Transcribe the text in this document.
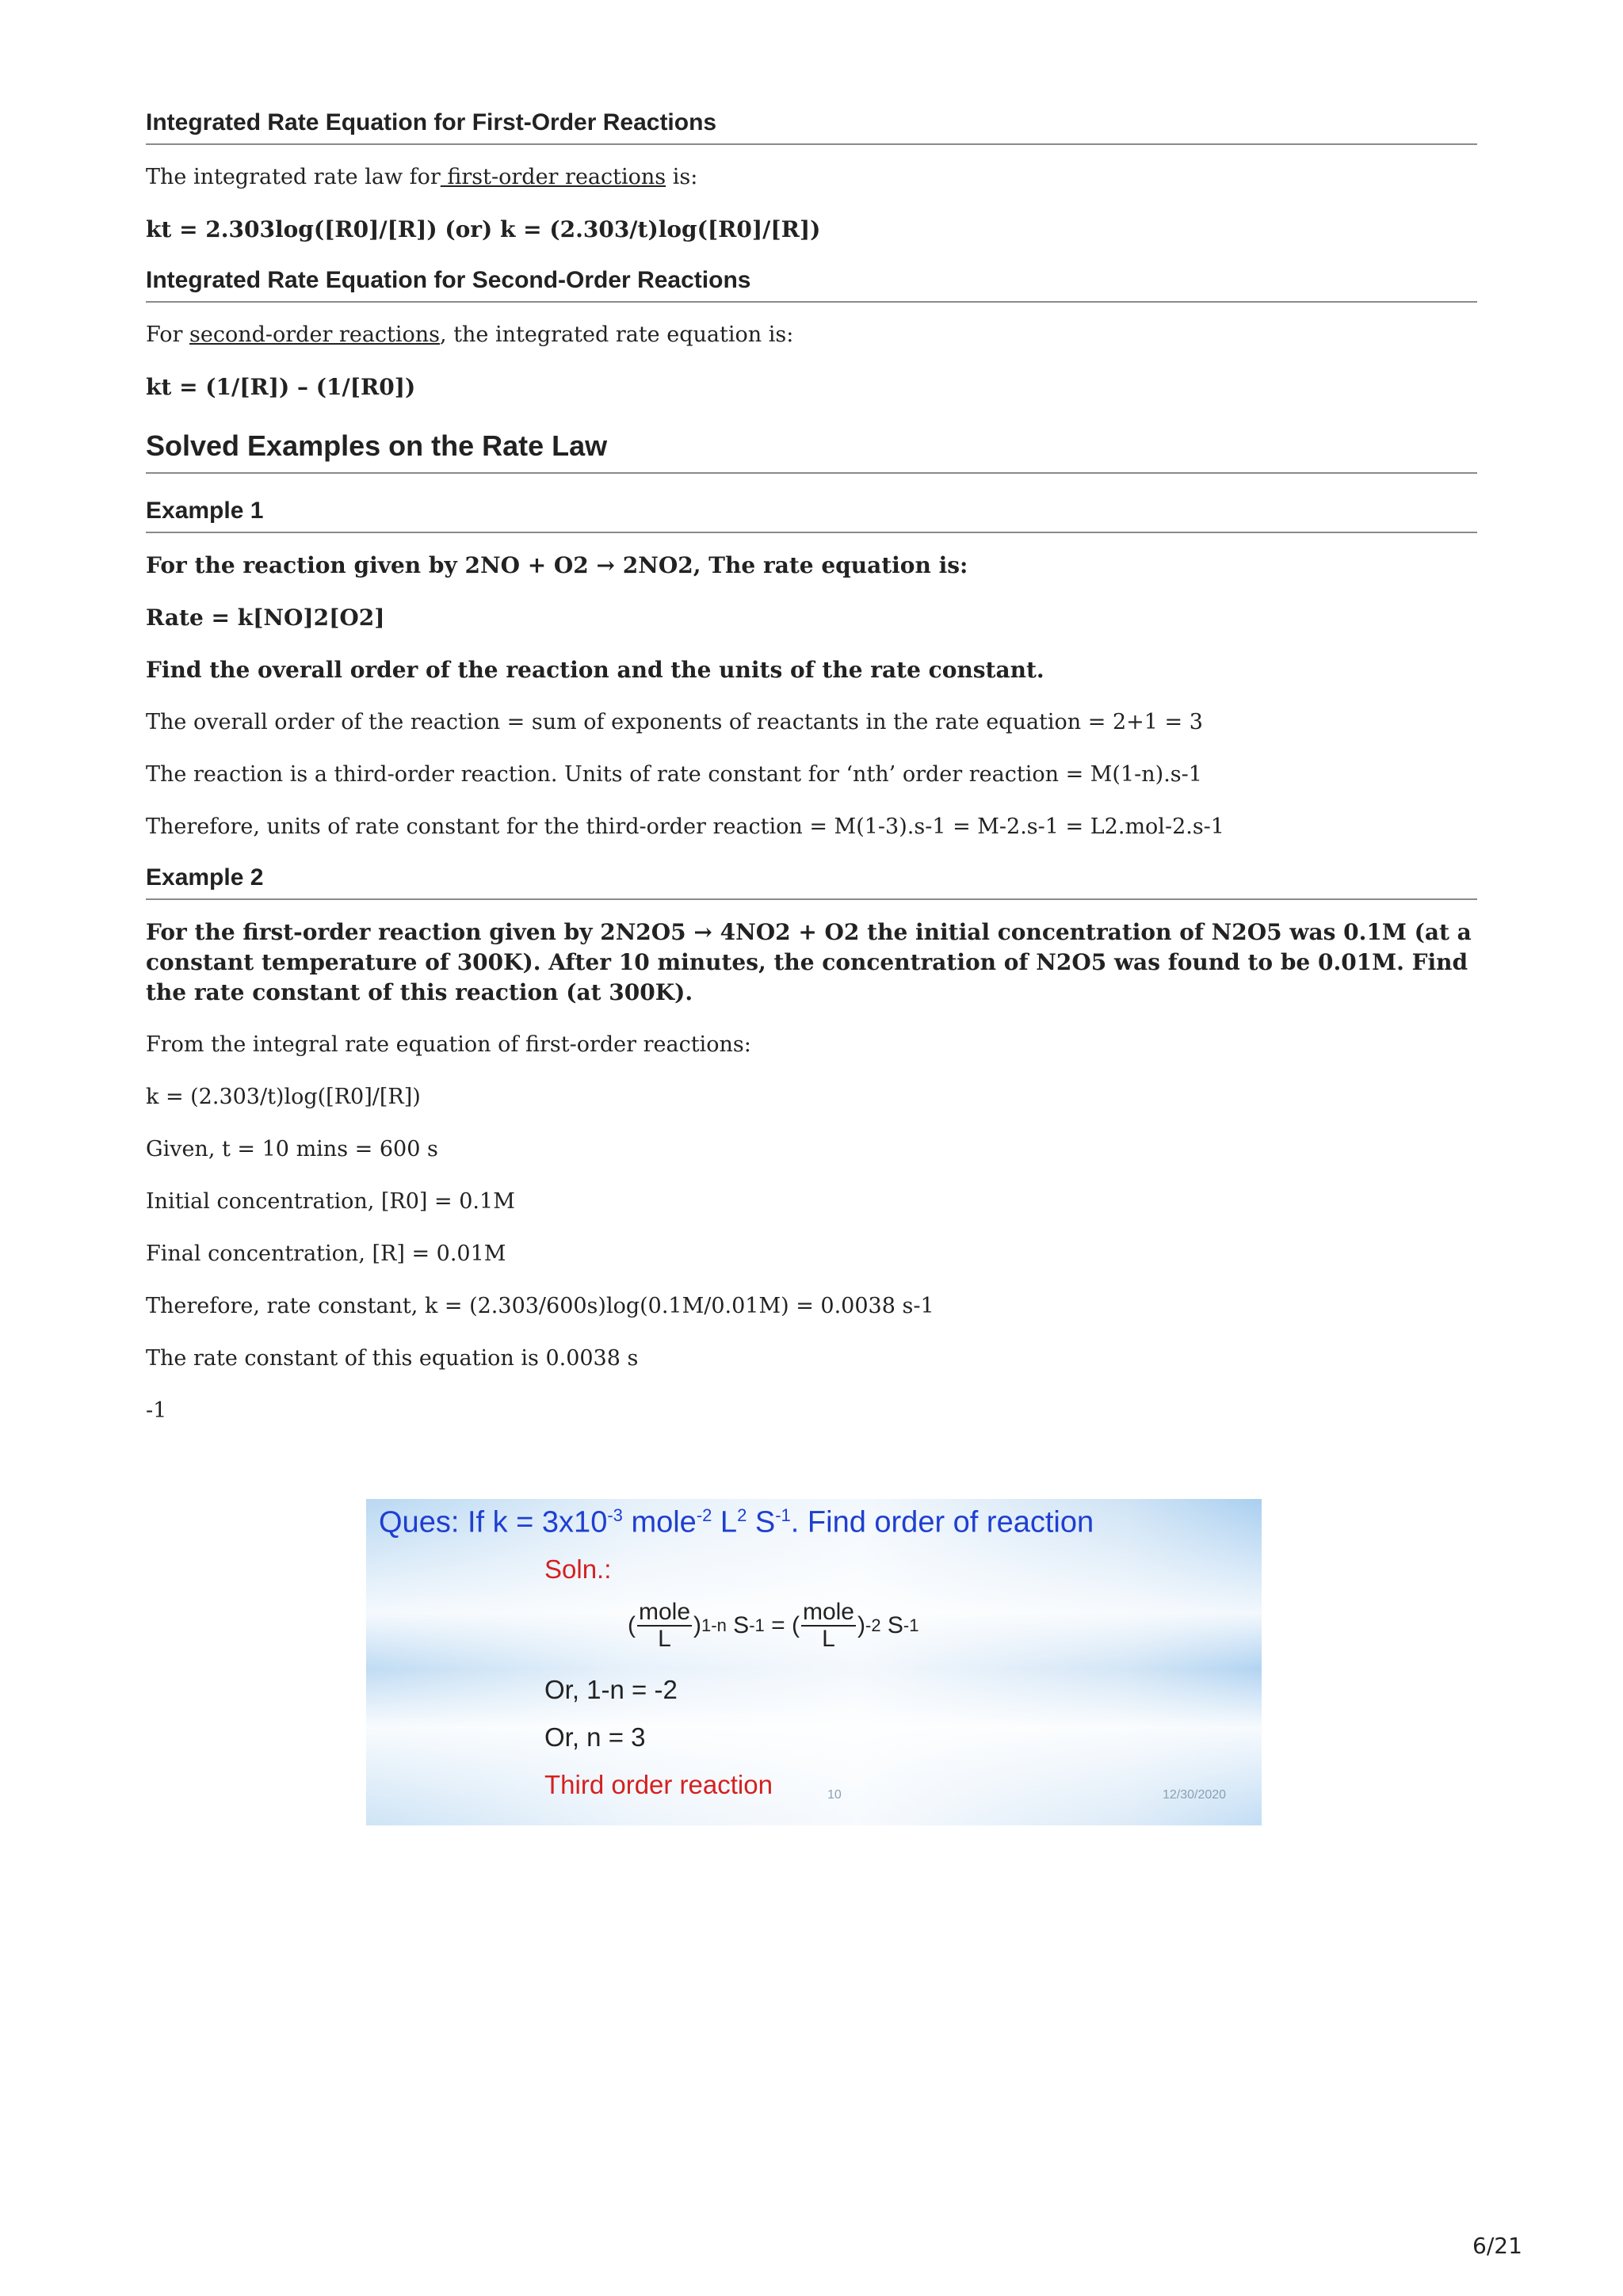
Integrated Rate Equation for First-Order Reactions

The integrated rate law for first-order reactions is:

kt = 2.303log([R0]/[R]) (or) k = (2.303/t)log([R0]/[R])

Integrated Rate Equation for Second-Order Reactions

For second-order reactions, the integrated rate equation is:

kt = (1/[R]) – (1/[R0])

Solved Examples on the Rate Law
Example 1

For the reaction given by 2NO + O2 → 2NO2, The rate equation is:

Rate = k[NO]2[O2]

Find the overall order of the reaction and the units of the rate constant.

The overall order of the reaction = sum of exponents of reactants in the rate equation = 2+1 = 3

The reaction is a third-order reaction. Units of rate constant for ‘nth’ order reaction = M(1-n).s-1

Therefore, units of rate constant for the third-order reaction = M(1-3).s-1 = M-2.s-1 = L2.mol-2.s-1

Example 2

For the first-order reaction given by 2N2O5 → 4NO2 + O2 the initial concentration of N2O5 was 0.1M (at a constant temperature of 300K). After 10 minutes, the concentration of N2O5 was found to be 0.01M. Find the rate constant of this reaction (at 300K).

From the integral rate equation of first-order reactions:

k = (2.303/t)log([R0]/[R])

Given, t = 10 mins = 600 s

Initial concentration, [R0] = 0.1M

Final concentration, [R] = 0.01M

Therefore, rate constant, k = (2.303/600s)log(0.1M/0.01M) = 0.0038 s-1

The rate constant of this equation is 0.0038 s

-1

Ques: If $k = 3x10^{-3}$ mole$^{-2}$ $L^2$ $S^{-1}$. Find order of reaction
Soln.:
( $\frac{\text{mole}}{L}$ ) 1-n
S -1
=
( $\frac{\text{mole}}{L}$ ) -2
S -1
Or, 1-n = -2
Or, n = 3
Third order reaction	10	12/30/2020
6/21
